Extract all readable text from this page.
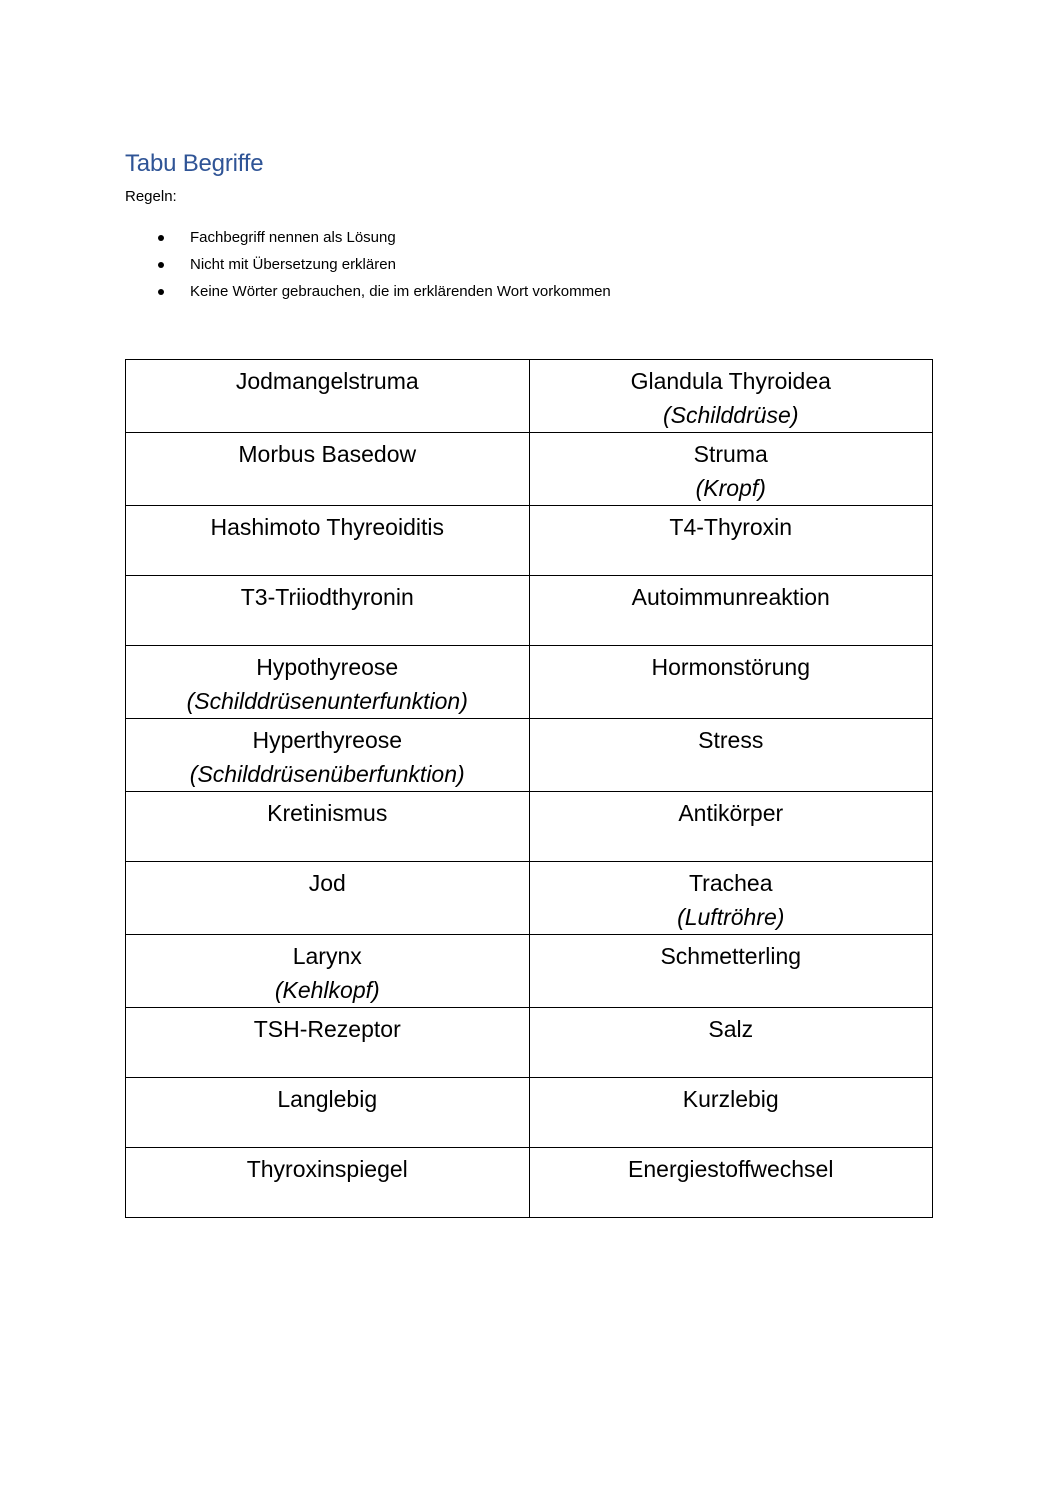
Tabu Begriffe

Regeln:

Fachbegriff nennen als Lösung
Nicht mit Übersetzung erklären
Keine Wörter gebrauchen, die im erklärenden Wort vorkommen
Jodmangelstruma	Glandula Thyroidea
(Schilddrüse)

Morbus Basedow	Struma
(Kropf)

Hashimoto Thyreoiditis	T4-Thyroxin

T3-Triiodthyronin	Autoimmunreaktion

Hypothyreose
(Schilddrüsenunterfunktion)	Hormonstörung

Hyperthyreose
(Schilddrüsenüberfunktion)	Stress

Kretinismus	Antikörper

Jod	Trachea
(Luftröhre)

Larynx
(Kehlkopf)	Schmetterling

TSH-Rezeptor	Salz

Langlebig	Kurzlebig

Thyroxinspiegel	Energiestoffwechsel
